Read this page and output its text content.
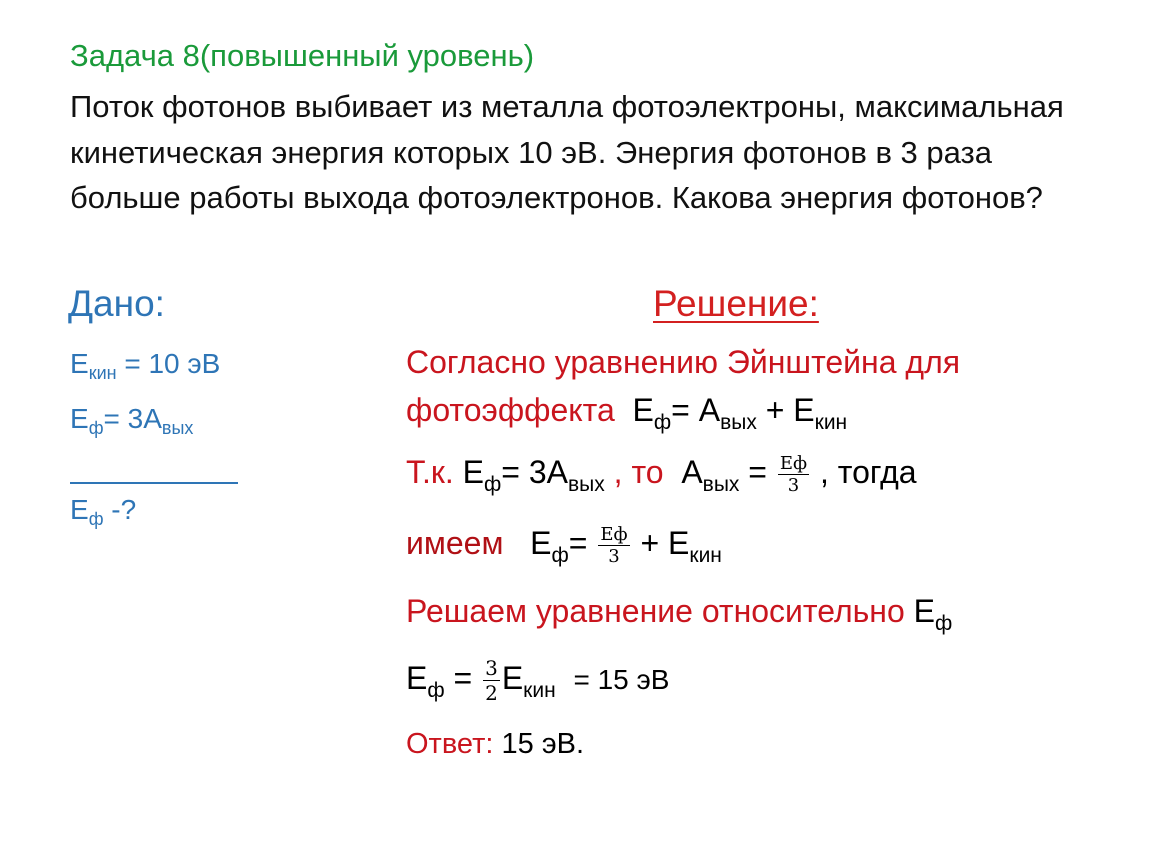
Задача 8(повышенный уровень)
Поток фотонов выбивает из металла фотоэлектроны, максимальная кинетическая энергия которых 10 эВ. Энергия фотонов в 3 раза больше работы выхода фотоэлектронов. Какова энергия фотонов?
Дано:
$E_{кин} = 10$ эВ
$E_ф= 3А_{вых}$
$E_ф$ -?
Решение:
Согласно уравнению Эйнштейна для
фотоэффекта $E_ф= А_{вых} + E_{кин}$
Т.к. $E_ф= 3А_{вых}$ , то $А_{вых} = \frac{Eф}{3}$ , тогда
имеем $E_ф= \frac{Eф}{3} + E_{кин}$
Решаем уравнение относительно $E_ф$
$E_ф = \frac{3}{2} E_{кин} = 15$ эВ
Ответ: 15 эВ.
